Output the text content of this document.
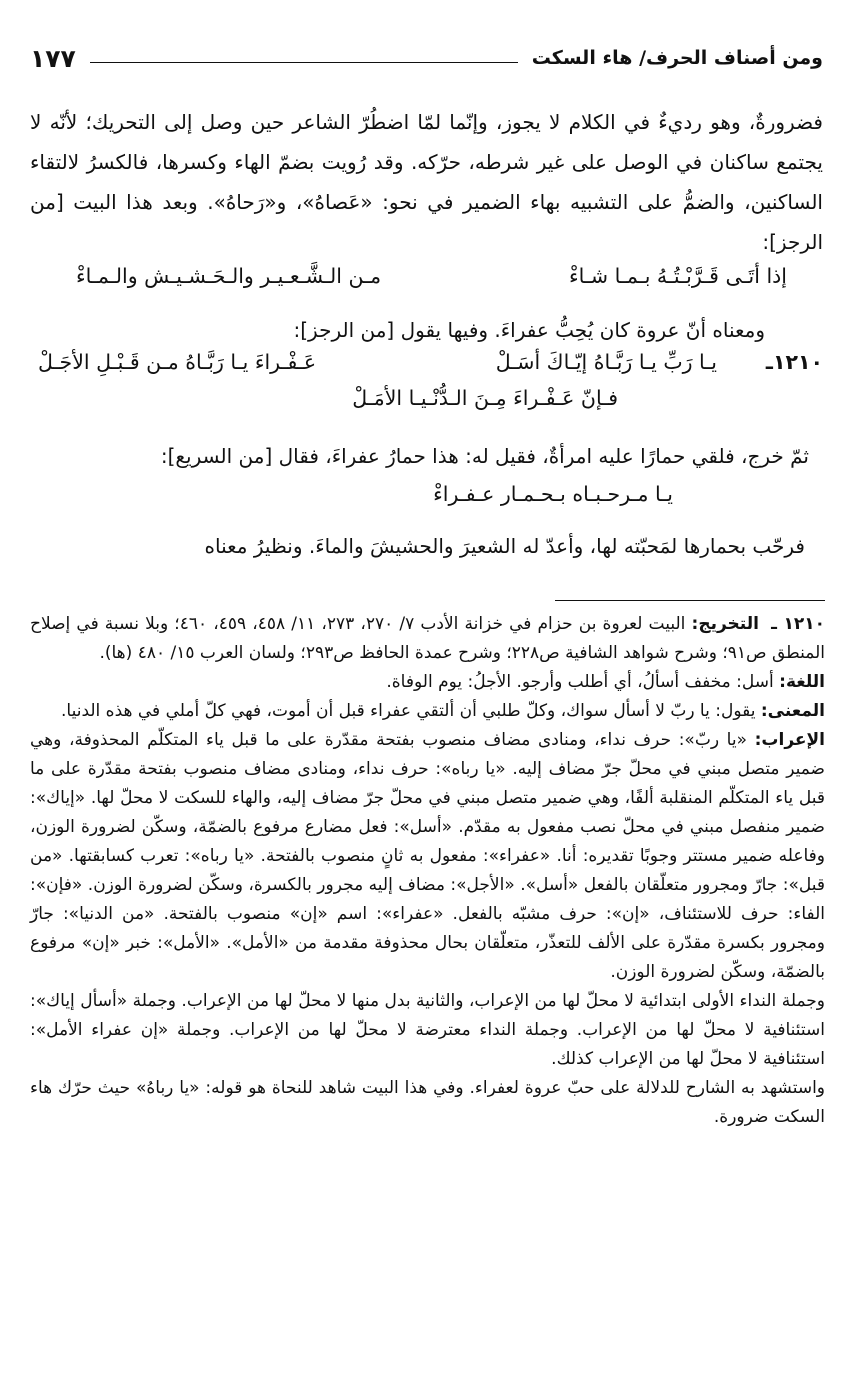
ومن أصناف الحرف/ هاء السكت
١٧٧

فضرورةٌ، وهو رديءٌ في الكلام لا يجوز، وإنّما لمّا اضطُرّ الشاعر حين وصل إلى التحريك؛ لأنّه لا يجتمع ساكنان في الوصل على غير شرطه، حرّكه. وقد رُويت بضمّ الهاء وكسرها، فالكسرُ لالتقاء الساكنين، والضمُّ على التشبيه بهاء الضمير في نحو: «عَصاهُ»، و«رَحاهُ». وبعد هذا البيت [من الرجز]:

إذا أتَـى قَـرَّبْـتُـهُ بـمـا شـاءْ
مـن الـشَّـعـيـر والـحَـشـيـش والـمـاءْ
ومعناه أنّ عروة كان يُحِبُّ عفراءَ. وفيها يقول [من الرجز]:
١٢١٠ـ
يـا رَبِّ يـا رَبَّـاهُ إيّـاكَ أسَـلْ
عَـفْـراءَ يـا رَبَّـاهُ مـن قَـبْـلِ الأجَـلْ
فـإنّ عَـفْـراءَ مِـنَ الـدُّنْـيـا الأمَـلْ
ثمّ خرج، فلقي حمارًا عليه امرأةٌ، فقيل له: هذا حمارُ عفراءَ، فقال [من السريع]:
يـا مـرحـبـاه بـحـمـار عـفـراءْ
فرحّب بحمارها لمَحبّته لها، وأعدّ له الشعيرَ والحشيشَ والماءَ. ونظيرُ معناه

١٢١٠ ـ التخريج: البيت لعروة بن حزام في خزانة الأدب ٧/ ٢٧٠، ٢٧٣، ١١/ ٤٥٨، ٤٥٩، ٤٦٠؛ وبلا نسبة في إصلاح المنطق ص٩١؛ وشرح شواهد الشافية ص٢٢٨؛ وشرح عمدة الحافظ ص٢٩٣؛ ولسان العرب ١٥/ ٤٨٠ (ها).

اللغة: أسل: مخفف أسألُ، أي أطلب وأرجو. الأجلُ: يوم الوفاة.

المعنى: يقول: يا ربّ لا أسأل سواك، وكلّ طلبي أن ألتقي عفراء قبل أن أموت، فهي كلّ أملي في هذه الدنيا.

الإعراب: «يا ربّ»: حرف نداء، ومنادى مضاف منصوب بفتحة مقدّرة على ما قبل ياء المتكلّم المحذوفة، وهي ضمير متصل مبني في محلّ جرّ مضاف إليه. «يا رباه»: حرف نداء، ومنادى مضاف منصوب بفتحة مقدّرة على ما قبل ياء المتكلّم المنقلبة ألفًا، وهي ضمير متصل مبني في محلّ جرّ مضاف إليه، والهاء للسكت لا محلّ لها. «إياك»: ضمير منفصل مبني في محلّ نصب مفعول به مقدّم. «أسل»: فعل مضارع مرفوع بالضمّة، وسكّن لضرورة الوزن، وفاعله ضمير مستتر وجوبًا تقديره: أنا. «عفراء»: مفعول به ثانٍ منصوب بالفتحة. «يا رباه»: تعرب كسابقتها. «من قبل»: جارّ ومجرور متعلّقان بالفعل «أسل». «الأجل»: مضاف إليه مجرور بالكسرة، وسكّن لضرورة الوزن. «فإن»: الفاء: حرف للاستئناف، «إن»: حرف مشبّه بالفعل. «عفراء»: اسم «إن» منصوب بالفتحة. «من الدنيا»: جارّ ومجرور بكسرة مقدّرة على الألف للتعذّر، متعلّقان بحال محذوفة مقدمة من «الأمل». «الأمل»: خبر «إن» مرفوع بالضمّة، وسكّن لضرورة الوزن.

وجملة النداء الأولى ابتدائية لا محلّ لها من الإعراب، والثانية بدل منها لا محلّ لها من الإعراب. وجملة «أسأل إياك»: استئنافية لا محلّ لها من الإعراب. وجملة النداء معترضة لا محلّ لها من الإعراب. وجملة «إن عفراء الأمل»: استئنافية لا محلّ لها من الإعراب كذلك.

واستشهد به الشارح للدلالة على حبّ عروة لعفراء. وفي هذا البيت شاهد للنحاة هو قوله: «يا رباهُ» حيث حرّك هاء السكت ضرورة.
